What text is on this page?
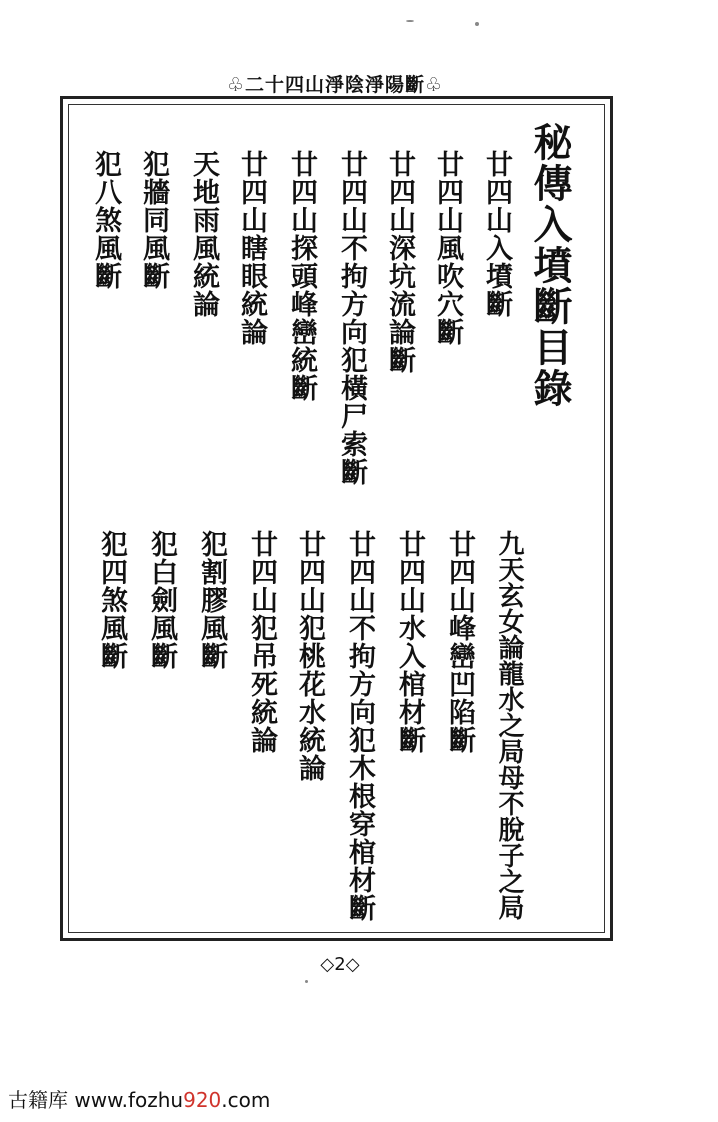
♧二十四山淨陰淨陽斷♧
秘傳入墳斷目錄
廿四山入墳斷
廿四山風吹穴斷
廿四山深坑流論斷
廿四山不拘方向犯橫尸索斷
廿四山探頭峰巒統斷
廿四山瞎眼統論
天地雨風統論
犯牆同風斷
犯八煞風斷
九天玄女論龍水之局母不脫子之局
廿四山峰巒凹陷斷
廿四山水入棺材斷
廿四山不拘方向犯木根穿棺材斷
廿四山犯桃花水統論
廿四山犯吊死統論
犯割膠風斷
犯白劍風斷
犯四煞風斷
◇2◇
古籍库 www.fozhu920.com
